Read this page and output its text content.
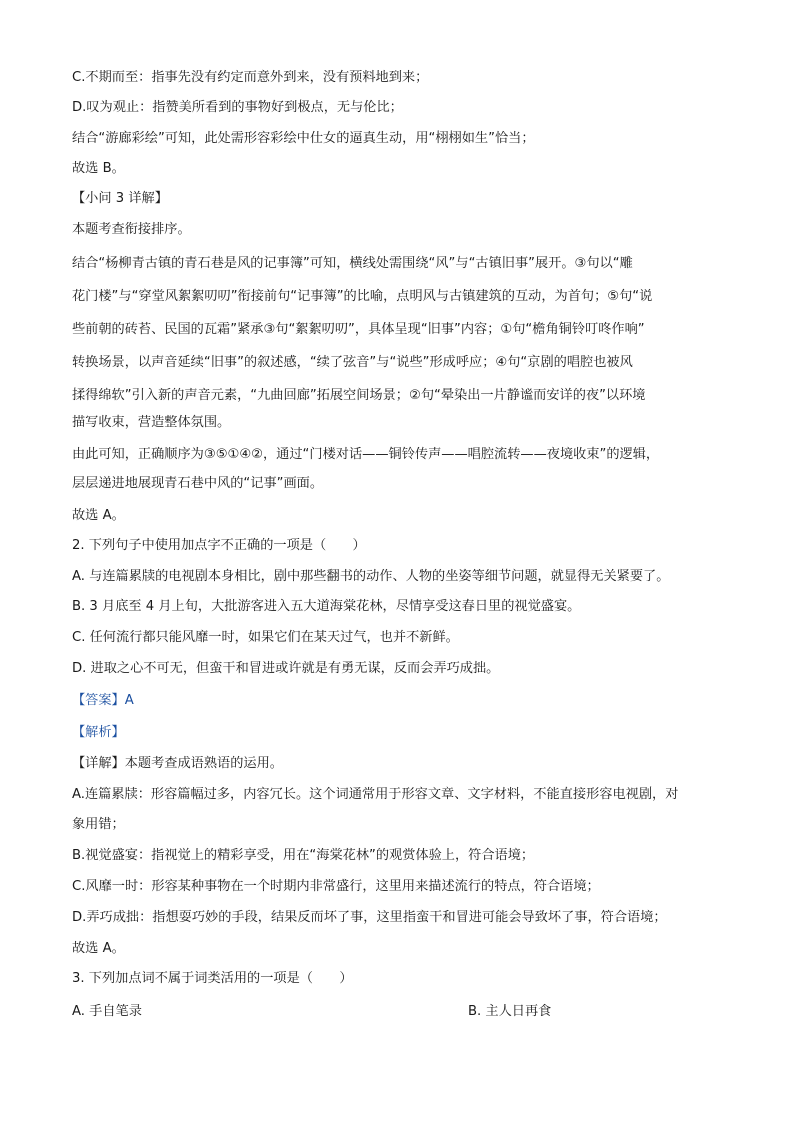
C.不期而至：指事先没有约定而意外到来，没有预料地到来；
D.叹为观止：指赞美所看到的事物好到极点，无与伦比；
结合“游廊彩绘”可知，此处需形容彩绘中仕女的逼真生动，用“栩栩如生”恰当；
故选 B。
【小问 3 详解】
本题考查衔接排序。
结合“杨柳青古镇的青石巷是风的记事簿”可知，横线处需围绕“风”与“古镇旧事”展开。③句以“雕
花门楼”与“穿堂风絮絮叨叨”衔接前句“记事簿”的比喻，点明风与古镇建筑的互动，为首句；⑤句“说
些前朝的砖苔、民国的瓦霜”紧承③句“絮絮叨叨”，具体呈现“旧事”内容；①句“檐角铜铃叮咚作响”
转换场景，以声音延续“旧事”的叙述感，“续了弦音”与“说些”形成呼应；④句“京剧的唱腔也被风
揉得绵软”引入新的声音元素，“九曲回廊”拓展空间场景；②句“晕染出一片静谧而安详的夜”以环境
描写收束，营造整体氛围。
由此可知，正确顺序为③⑤①④②，通过“门楼对话——铜铃传声——唱腔流转——夜境收束”的逻辑，
层层递进地展现青石巷中风的“记事”画面。
故选 A。
2. 下列句子中使用加点字不正确的一项是（　　）
A. 与连篇累牍的电视剧本身相比，剧中那些翻书的动作、人物的坐姿等细节问题，就显得无关紧要了。
B. 3 月底至 4 月上旬，大批游客进入五大道海棠花林，尽情享受这春日里的视觉盛宴。
C. 任何流行都只能风靡一时，如果它们在某天过气，也并不新鲜。
D. 进取之心不可无，但蛮干和冒进或许就是有勇无谋，反而会弄巧成拙。
【答案】A
【解析】
【详解】本题考查成语熟语的运用。
A.连篇累牍：形容篇幅过多，内容冗长。这个词通常用于形容文章、文字材料，不能直接形容电视剧，对
象用错；
B.视觉盛宴：指视觉上的精彩享受，用在“海棠花林”的观赏体验上，符合语境；
C.风靡一时：形容某种事物在一个时期内非常盛行，这里用来描述流行的特点，符合语境；
D.弄巧成拙：指想耍巧妙的手段，结果反而坏了事，这里指蛮干和冒进可能会导致坏了事，符合语境；
故选 A。
3. 下列加点词不属于词类活用的一项是（　　）
A. 手自笔录	B. 主人日再食
